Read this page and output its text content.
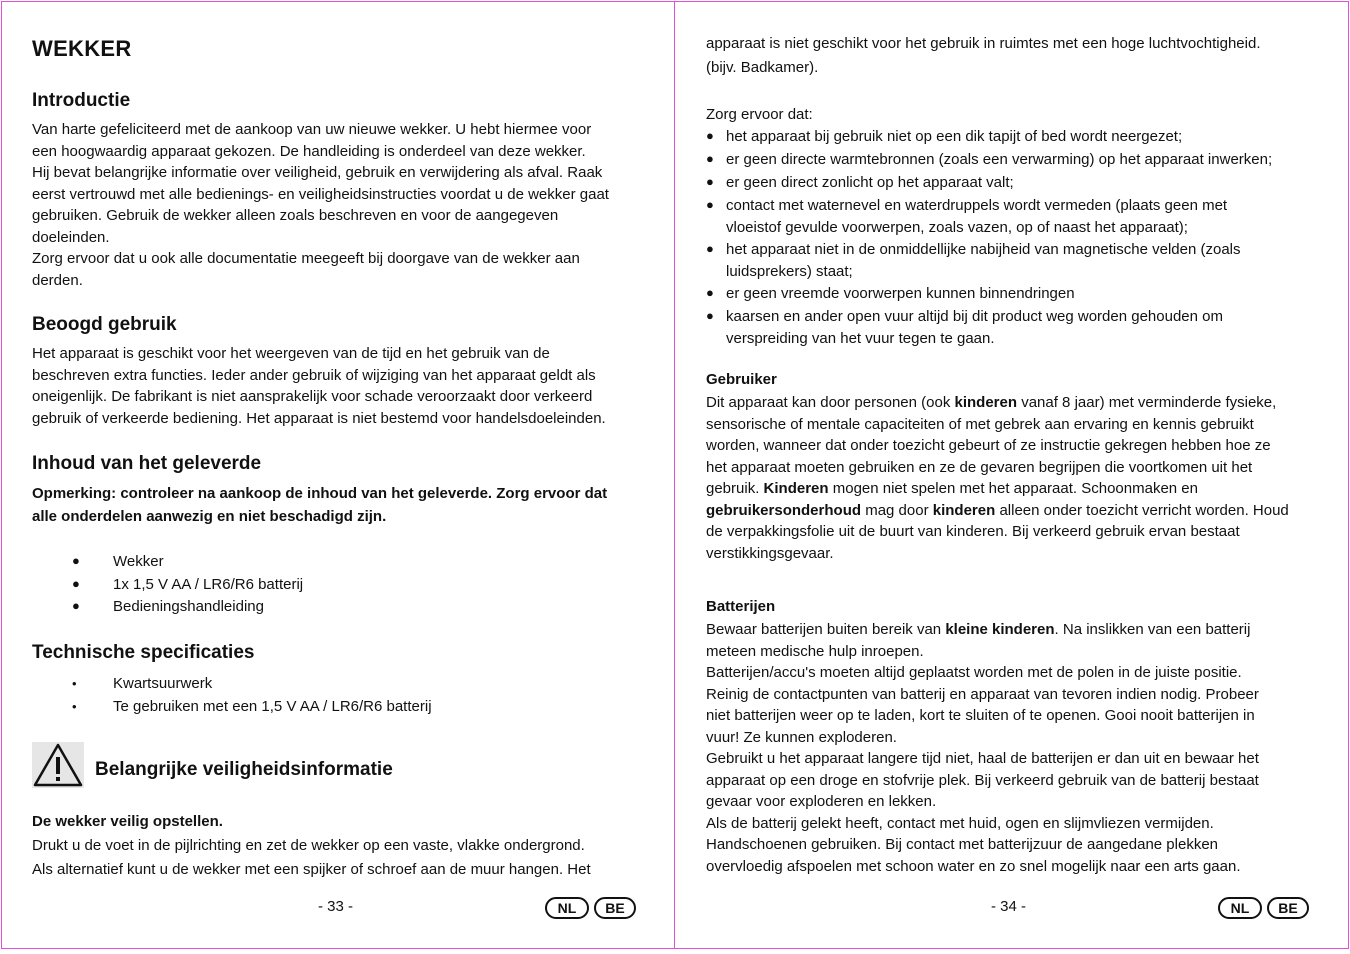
WEKKER
Introductie
Van harte gefeliciteerd met de aankoop van uw nieuwe wekker. U hebt hiermee voor
een hoogwaardig apparaat gekozen. De handleiding is onderdeel van deze wekker.
Hij bevat belangrijke informatie over veiligheid, gebruik en verwijdering als afval. Raak
eerst vertrouwd met alle bedienings- en veiligheidsinstructies voordat u de wekker gaat
gebruiken. Gebruik de wekker alleen zoals beschreven en voor de aangegeven
doeleinden.
Zorg ervoor dat u ook alle documentatie meegeeft bij doorgave van de wekker aan
derden.
Beoogd gebruik
Het apparaat is geschikt voor het weergeven van de tijd en het gebruik van de
beschreven extra functies. Ieder ander gebruik of wijziging van het apparaat geldt als
oneigenlijk. De fabrikant is niet aansprakelijk voor schade veroorzaakt door verkeerd
gebruik of verkeerde bediening. Het apparaat is niet bestemd voor handelsdoeleinden.
Inhoud van het geleverde
Opmerking: controleer na aankoop de inhoud van het geleverde. Zorg ervoor dat
alle onderdelen aanwezig en niet beschadigd zijn.
● Wekker
● 1x 1,5 V AA / LR6/R6 batterij
● Bedieningshandleiding
Technische specificaties
• Kwartsuurwerk
• Te gebruiken met een 1,5 V AA / LR6/R6 batterij
Belangrijke veiligheidsinformatie
De wekker veilig opstellen.
Drukt u de voet in de pijlrichting en zet de wekker op een vaste, vlakke ondergrond.
Als alternatief kunt u de wekker met een spijker of schroef aan de muur hangen. Het
- 33 -	NL	BE
apparaat is niet geschikt voor het gebruik in ruimtes met een hoge luchtvochtigheid.
(bijv. Badkamer).
Zorg ervoor dat:
● het apparaat bij gebruik niet op een dik tapijt of bed wordt neergezet;
● er geen directe warmtebronnen (zoals een verwarming) op het apparaat inwerken;
● er geen direct zonlicht op het apparaat valt;
● contact met waternevel en waterdruppels wordt vermeden (plaats geen met
vloeistof gevulde voorwerpen, zoals vazen, op of naast het apparaat);
● het apparaat niet in de onmiddellijke nabijheid van magnetische velden (zoals
luidsprekers) staat;
● er geen vreemde voorwerpen kunnen binnendringen
● kaarsen en ander open vuur altijd bij dit product weg worden gehouden om
verspreiding van het vuur tegen te gaan.
Gebruiker
Dit apparaat kan door personen (ook kinderen vanaf 8 jaar) met verminderde fysieke,
sensorische of mentale capaciteiten of met gebrek aan ervaring en kennis gebruikt
worden, wanneer dat onder toezicht gebeurt of ze instructie gekregen hebben hoe ze
het apparaat moeten gebruiken en ze de gevaren begrijpen die voortkomen uit het
gebruik. Kinderen mogen niet spelen met het apparaat. Schoonmaken en
gebruikersonderhoud mag door kinderen alleen onder toezicht verricht worden. Houd
de verpakkingsfolie uit de buurt van kinderen. Bij verkeerd gebruik ervan bestaat
verstikkingsgevaar.
Batterijen
Bewaar batterijen buiten bereik van kleine kinderen. Na inslikken van een batterij
meteen medische hulp inroepen.
Batterijen/accu's moeten altijd geplaatst worden met de polen in de juiste positie.
Reinig de contactpunten van batterij en apparaat van tevoren indien nodig. Probeer
niet batterijen weer op te laden, kort te sluiten of te openen. Gooi nooit batterijen in
vuur! Ze kunnen exploderen.
Gebruikt u het apparaat langere tijd niet, haal de batterijen er dan uit en bewaar het
apparaat op een droge en stofvrije plek. Bij verkeerd gebruik van de batterij bestaat
gevaar voor exploderen en lekken.
Als de batterij gelekt heeft, contact met huid, ogen en slijmvliezen vermijden.
Handschoenen gebruiken. Bij contact met batterijzuur de aangedane plekken
overvloedig afspoelen met schoon water en zo snel mogelijk naar een arts gaan.
- 34 -	NL	BE
